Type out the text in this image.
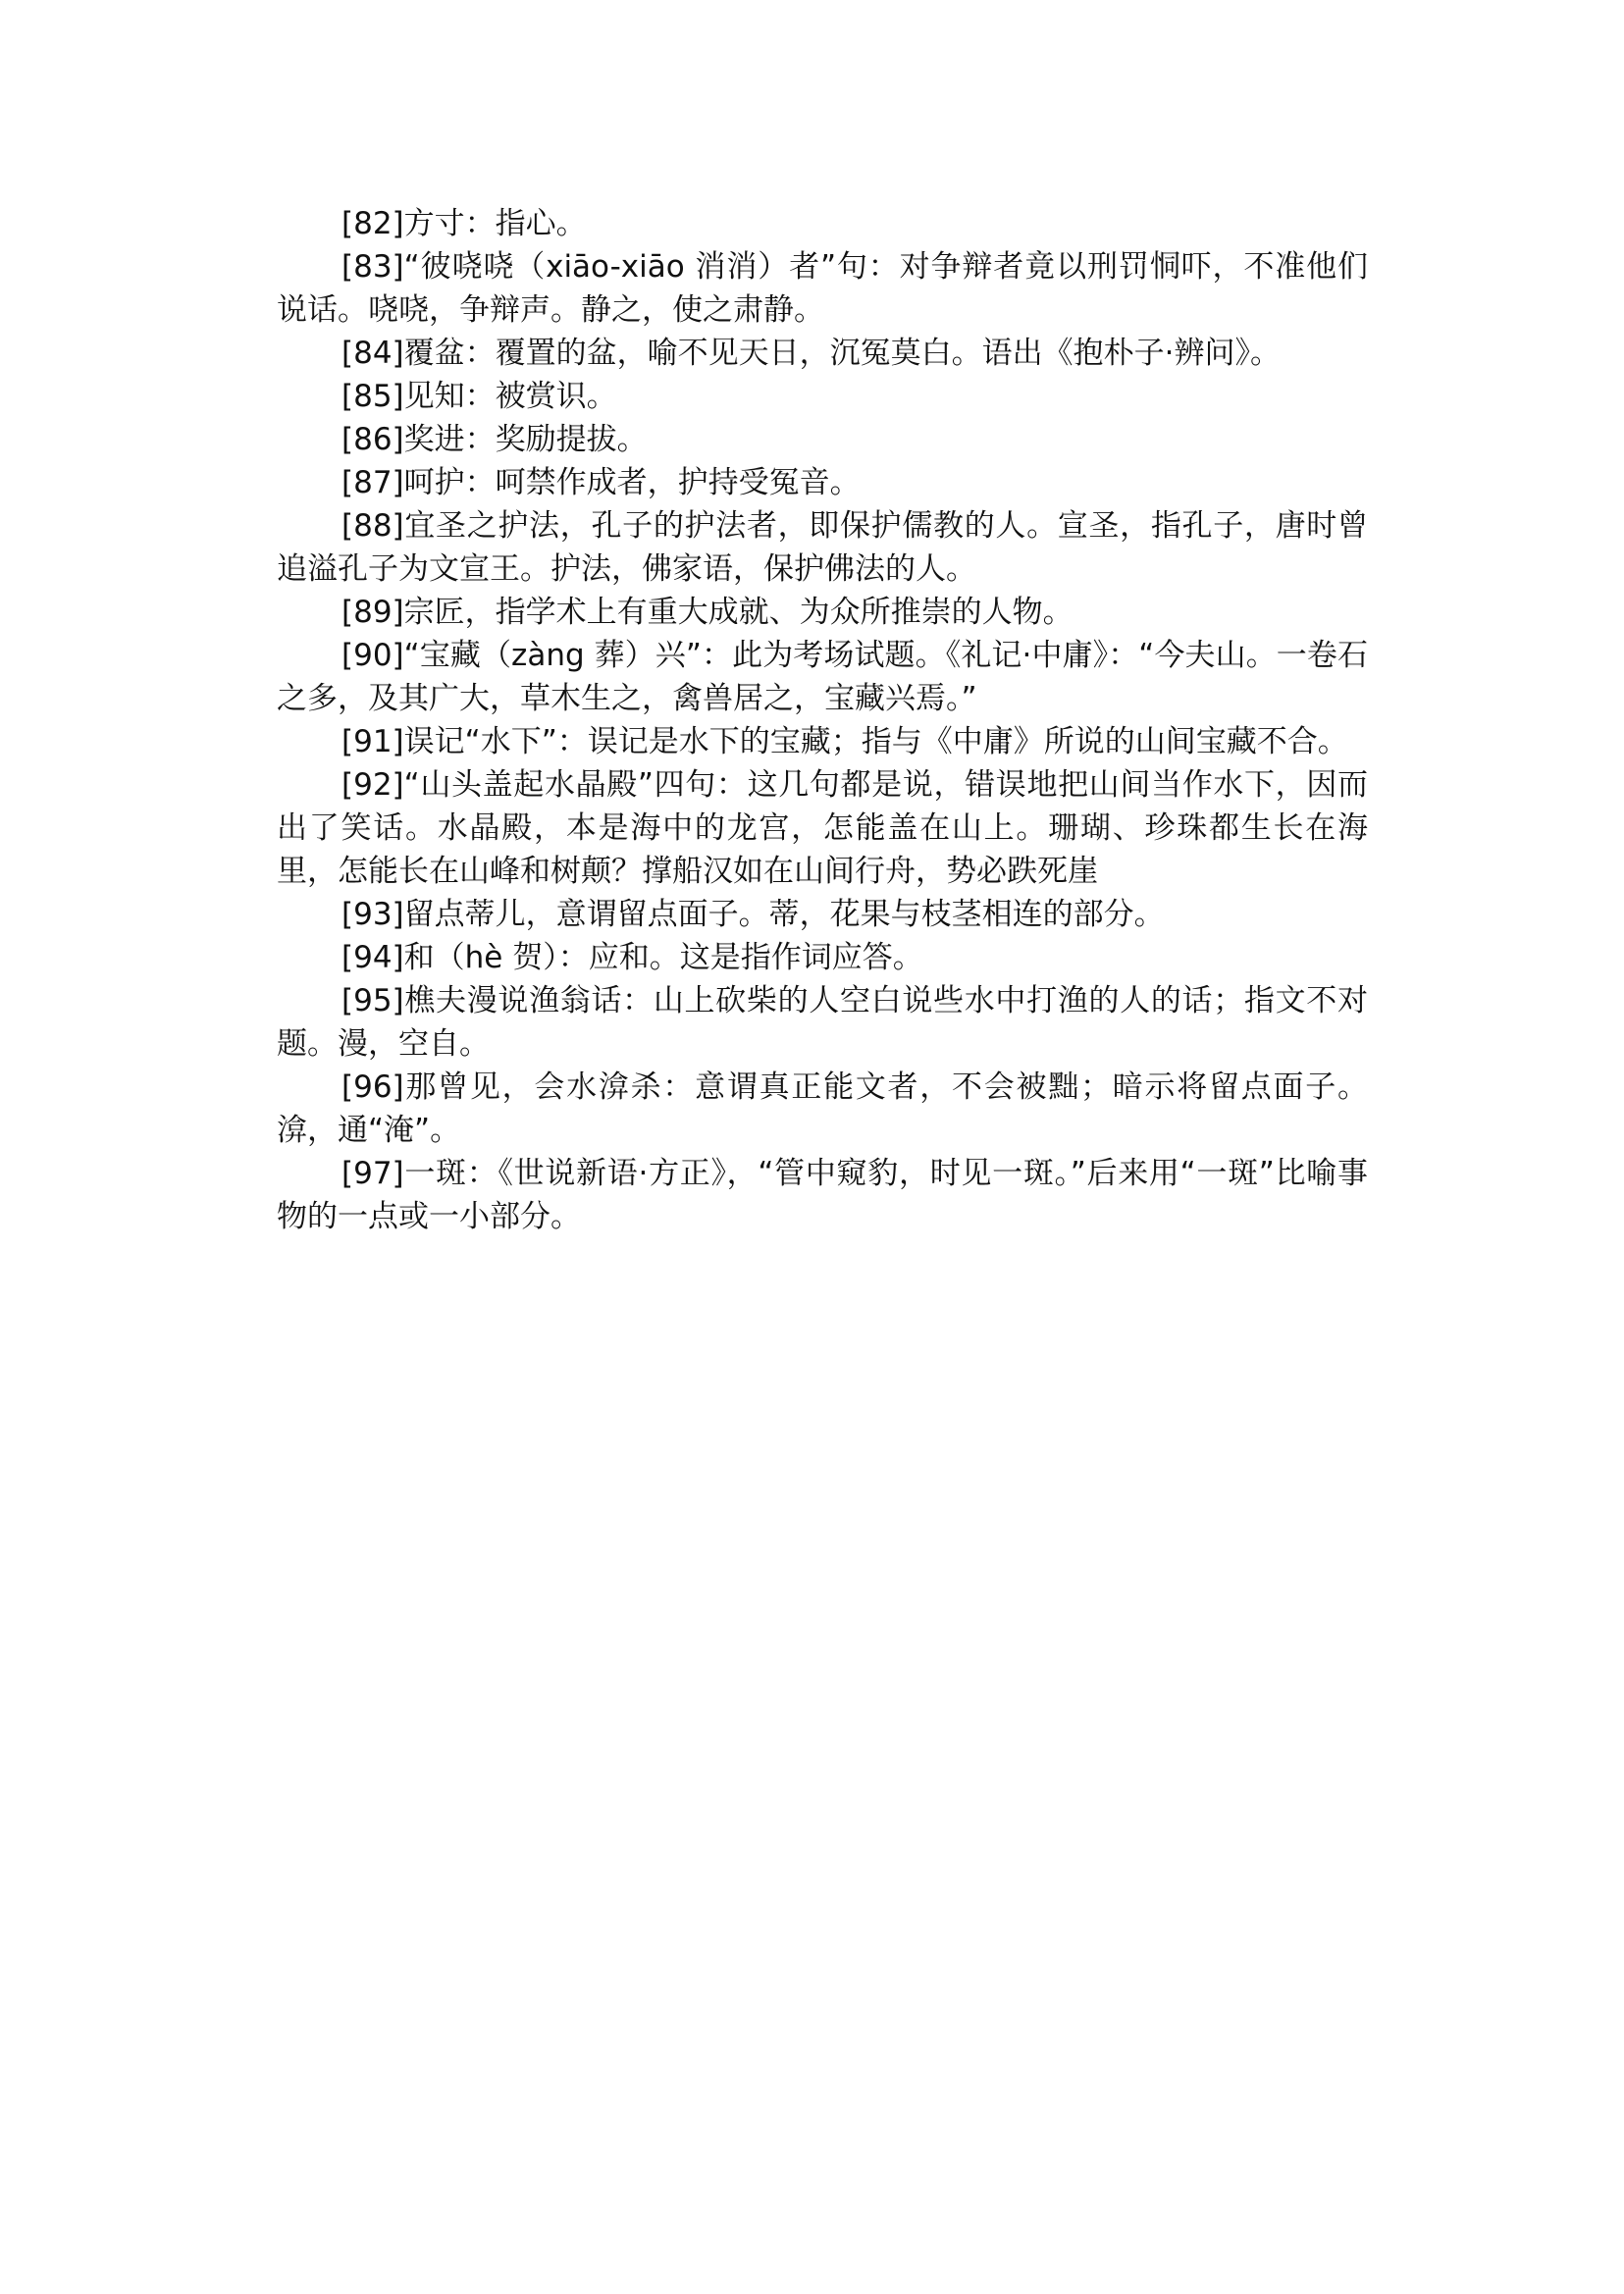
[82]方寸：指心。

[83]“彼哓哓（xiāo-xiāo 消消）者”句：对争辩者竟以刑罚恫吓，不准他们说话。哓哓，争辩声。静之，使之肃静。

[84]覆盆：覆置的盆，喻不见天日，沉冤莫白。语出《抱朴子·辨问》。

[85]见知：被赏识。

[86]奖进：奖励提拔。

[87]呵护：呵禁作成者，护持受冤音。

[88]宜圣之护法，孔子的护法者，即保护儒教的人。宣圣，指孔子，唐时曾追溢孔子为文宣王。护法，佛家语，保护佛法的人。

[89]宗匠，指学术上有重大成就、为众所推崇的人物。

[90]“宝藏（zàng 葬）兴”：此为考场试题。《礼记·中庸》：“今夫山。一卷石之多，及其广大，草木生之，禽兽居之，宝藏兴焉。”

[91]误记“水下”：误记是水下的宝藏；指与《中庸》所说的山间宝藏不合。

[92]“山头盖起水晶殿”四句：这几句都是说，错误地把山间当作水下，因而出了笑话。水晶殿，本是海中的龙宫，怎能盖在山上。珊瑚、珍珠都生长在海里，怎能长在山峰和树颠？撑船汉如在山间行舟，势必跌死崖

[93]留点蒂儿，意谓留点面子。蒂，花果与枝茎相连的部分。

[94]和（hè 贺）：应和。这是指作词应答。

[95]樵夫漫说渔翁话：山上砍柴的人空白说些水中打渔的人的话；指文不对题。漫，空自。

[96]那曾见，会水渰杀：意谓真正能文者，不会被黜；暗示将留点面子。渰，通“淹”。

[97]一斑：《世说新语·方正》，“管中窥豹，时见一斑。”后来用“一斑”比喻事物的一点或一小部分。
